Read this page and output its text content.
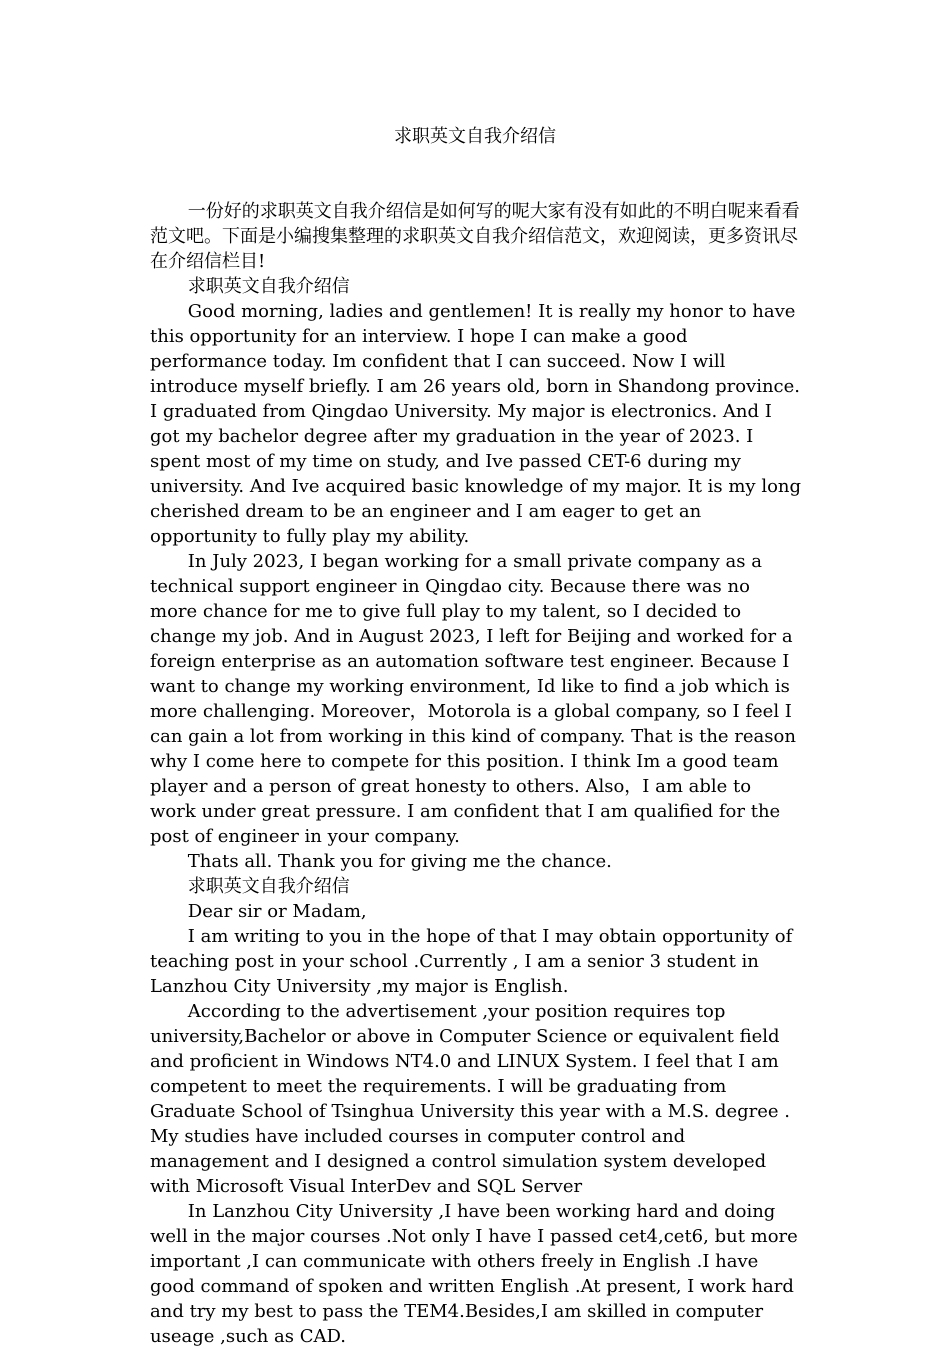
求职英文自我介绍信

一份好的求职英文自我介绍信是如何写的呢大家有没有如此的不明白呢来看看范文吧。下面是小编搜集整理的求职英文自我介绍信范文，欢迎阅读，更多资讯尽在介绍信栏目!

求职英文自我介绍信

Good morning, ladies and gentlemen! It is really my honor to have this opportunity for an interview. I hope I can make a good performance today. Im confident that I can succeed. Now I will introduce myself briefly. I am 26 years old, born in Shandong province. I graduated from Qingdao University. My major is electronics. And I got my bachelor degree after my graduation in the year of 2023. I spent most of my time on study, and Ive passed CET-6 during my university. And Ive acquired basic knowledge of my major. It is my long cherished dream to be an engineer and I am eager to get an opportunity to fully play my ability.

In July 2023, I began working for a small private company as a technical support engineer in Qingdao city. Because there was no more chance for me to give full play to my talent, so I decided to change my job. And in August 2023, I left for Beijing and worked for a foreign enterprise as an automation software test engineer. Because I want to change my working environment, Id like to find a job which is more challenging. Moreover，Motorola is a global company, so I feel I can gain a lot from working in this kind of company. That is the reason why I come here to compete for this position. I think Im a good team player and a person of great honesty to others. Also，I am able to work under great pressure. I am confident that I am qualified for the post of engineer in your company.

Thats all. Thank you for giving me the chance.

求职英文自我介绍信

Dear sir or Madam,

I am writing to you in the hope of that I may obtain opportunity of teaching post in your school .Currently , I am a senior 3 student in Lanzhou City University ,my major is English.

According to the advertisement ,your position requires top university,Bachelor or above in Computer Science or equivalent field and proficient in Windows NT4.0 and LINUX System. I feel that I am competent to meet the requirements. I will be graduating from Graduate School of Tsinghua University this year with a M.S. degree . My studies have included courses in computer control and management and I designed a control simulation system developed with Microsoft Visual InterDev and SQL Server

In Lanzhou City University ,I have been working hard and doing well in the major courses .Not only I have I passed cet4,cet6, but more important ,I can communicate with others freely in English .I have good command of spoken and written English .At present, I work hard and try my best to pass the TEM4.Besides,I am skilled in computer useage ,such as CAD.
